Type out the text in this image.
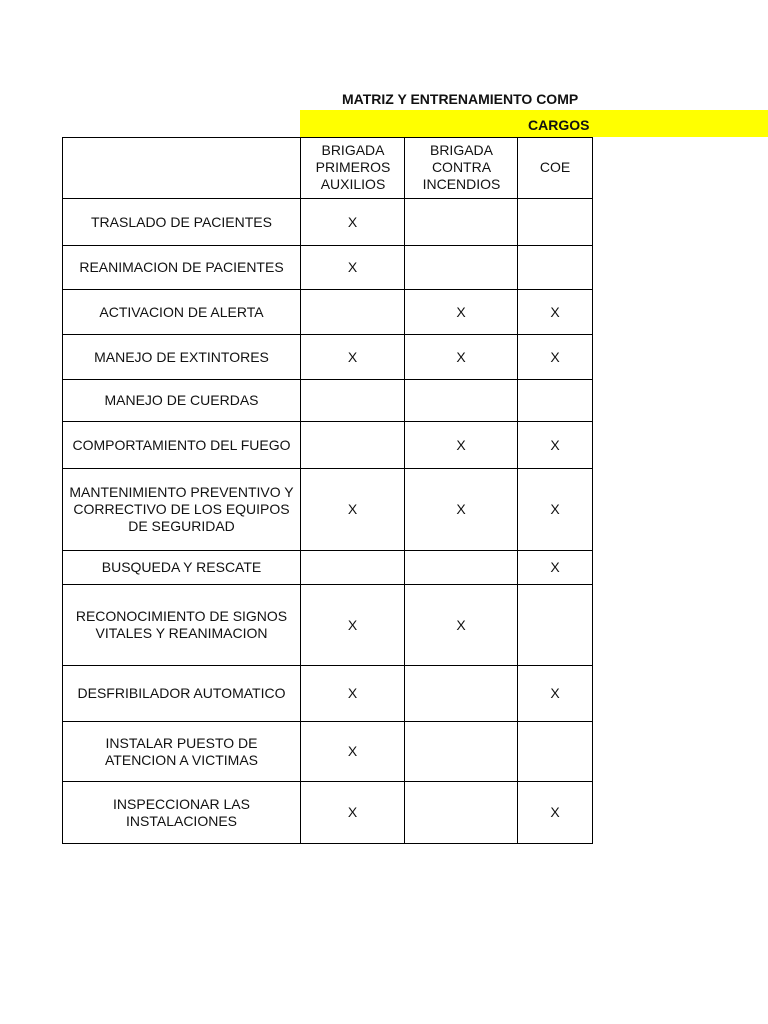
MATRIZ Y ENTRENAMIENTO COMP
CARGOS
	BRIGADA PRIMEROS AUXILIOS	BRIGADA CONTRA INCENDIOS	COE
TRASLADO DE PACIENTES	X		
REANIMACION DE PACIENTES	X		
ACTIVACION DE ALERTA		X	X
MANEJO DE EXTINTORES	X	X	X
MANEJO DE CUERDAS			
COMPORTAMIENTO DEL FUEGO		X	X
MANTENIMIENTO PREVENTIVO Y CORRECTIVO DE LOS EQUIPOS DE SEGURIDAD	X	X	X
BUSQUEDA Y RESCATE			X
RECONOCIMIENTO DE SIGNOS VITALES Y REANIMACION	X	X	
DESFRIBILADOR AUTOMATICO	X		X
INSTALAR PUESTO DE ATENCION A VICTIMAS	X		
INSPECCIONAR LAS INSTALACIONES	X		X
